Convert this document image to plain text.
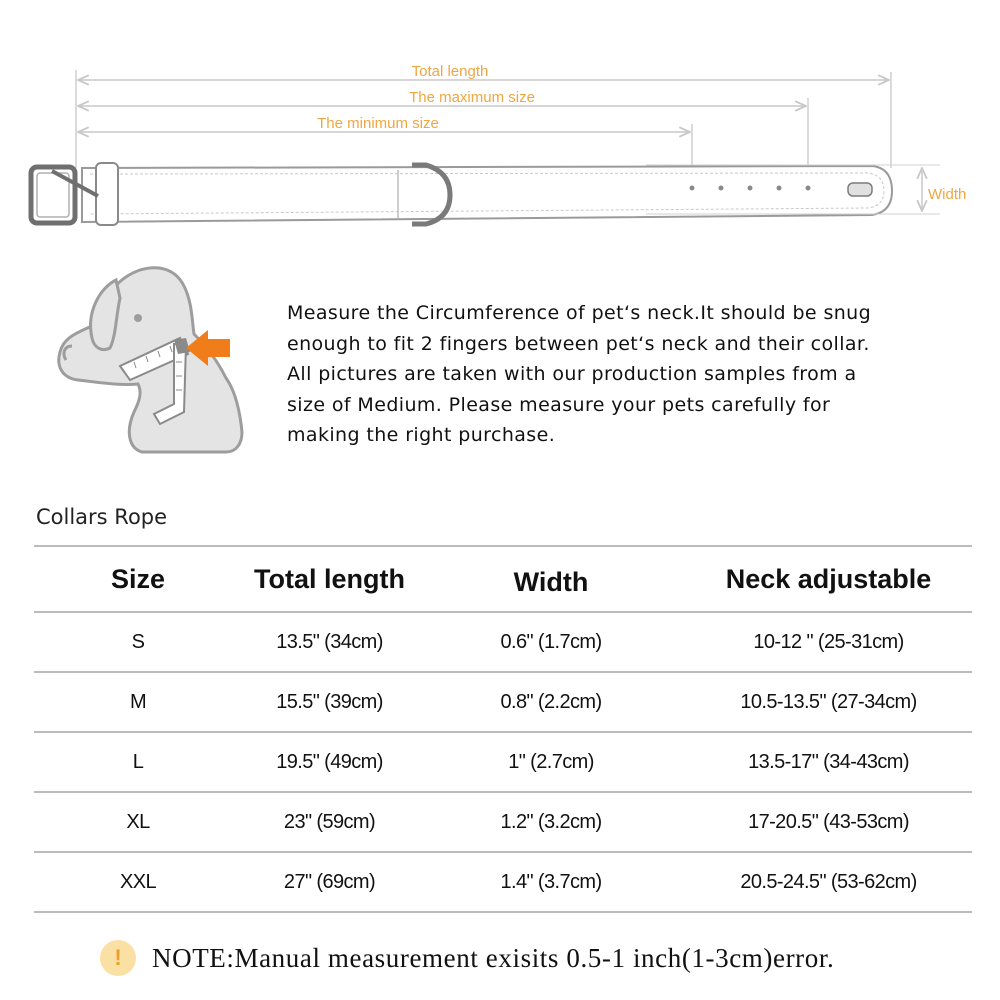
Total length
The maximum size
The minimum size
Width
Measure the Circumference of pet‘s neck.It should be snug
enough to fit 2 fingers between pet‘s neck and their collar.
All pictures are taken with our production samples from a
size of Medium. Please measure your pets carefully for
making the right purchase.
Collars Rope
Size	Total length	Width	Neck adjustable
S	13.5" (34cm)	0.6" (1.7cm)	10-12 " (25-31cm)
M	15.5" (39cm)	0.8" (2.2cm)	10.5-13.5" (27-34cm)
L	19.5" (49cm)	1" (2.7cm)	13.5-17" (34-43cm)
XL	23" (59cm)	1.2" (3.2cm)	17-20.5" (43-53cm)
XXL	27" (69cm)	1.4" (3.7cm)	20.5-24.5" (53-62cm)
!	NOTE:Manual measurement exisits 0.5-1 inch(1-3cm)error.
